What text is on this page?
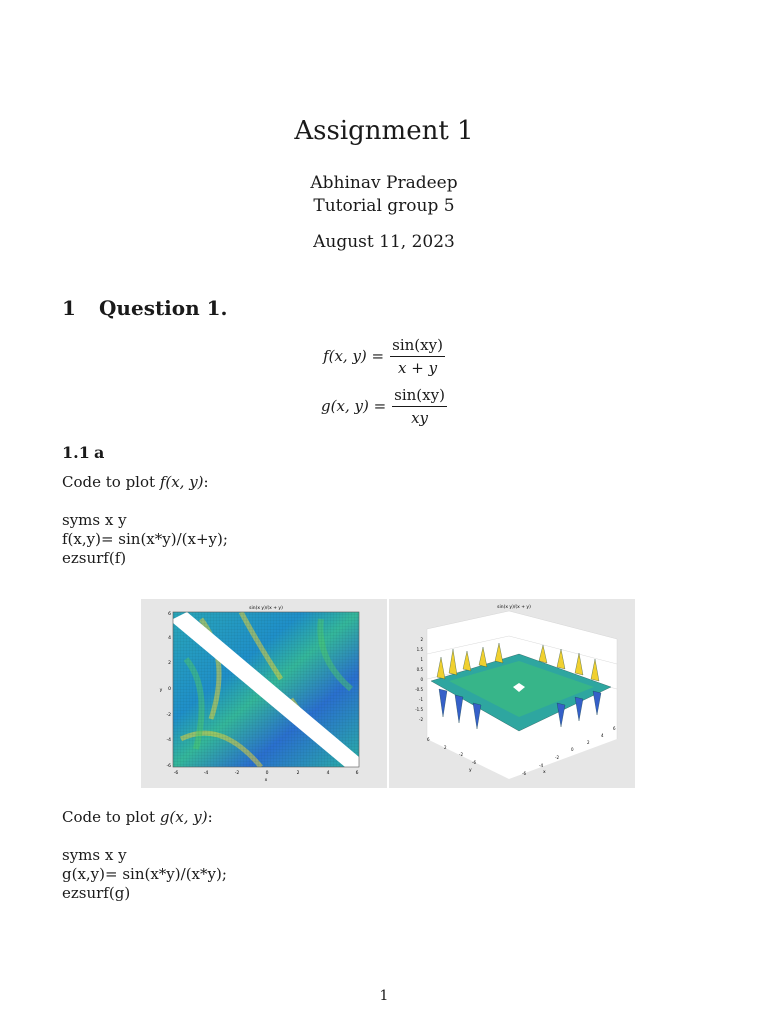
Assignment 1
Abhinav Pradeep
Tutorial group 5
August 11, 2023
1 Question 1.
f(x, $y) = \frac{\sin(xy)}{x + y}$
g(x, $y) = \frac{\sin(xy)}{xy}$
1.1 a
Code to plot f(x, y):
syms x y
f(x,y)= sin(x*y)/(x+y);
ezsurf(f)
sin(x y)/(x + y)
-6	-4	-2	0	2	4	6
-6
-4
-2
0
2
4
6
x
y
sin(x y)/(x + y)
2
1.5
1
0.5
0
-0.5
-1
-1.5
-2
6
2
-2
-6
-6
-4
-2
0
2
4
6
y	x
Code to plot g(x, y):
syms x y
g(x,y)= sin(x*y)/(x*y);
ezsurf(g)
1
